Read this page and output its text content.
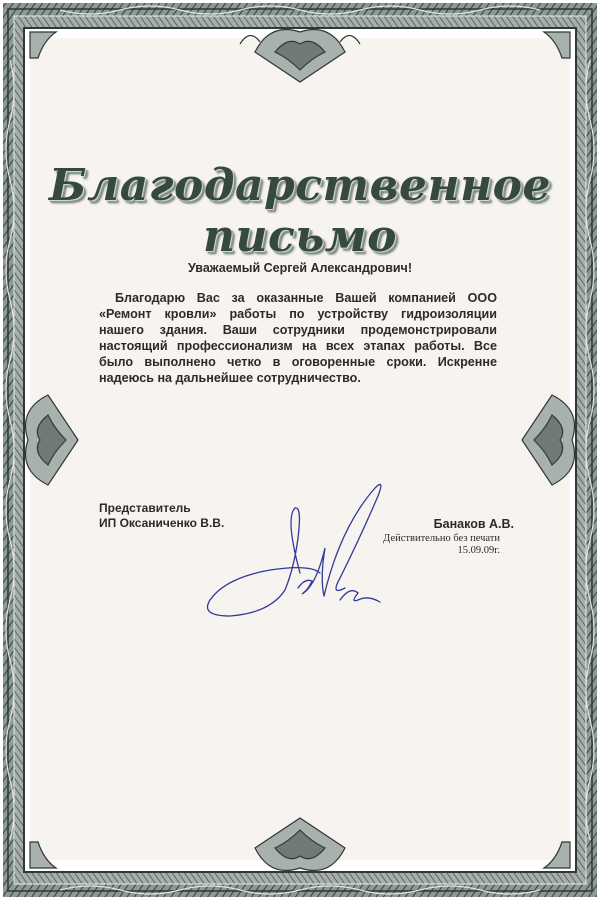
Благодарственное письмо

Уважаемый Сергей Александрович!

Благодарю Вас за оказанные Вашей компанией ООО «Ремонт кровли» работы по устройству гидроизоляции нашего здания. Ваши сотрудники продемонстрировали настоящий профессионализм на всех этапах работы. Все было выполнено четко в оговоренные сроки. Искренне надеюсь на дальнейшее сотрудничество.

Представитель
ИП Оксаниченко В.В.	Банаков А.В.
Действительно без печати
15.09.09г.
